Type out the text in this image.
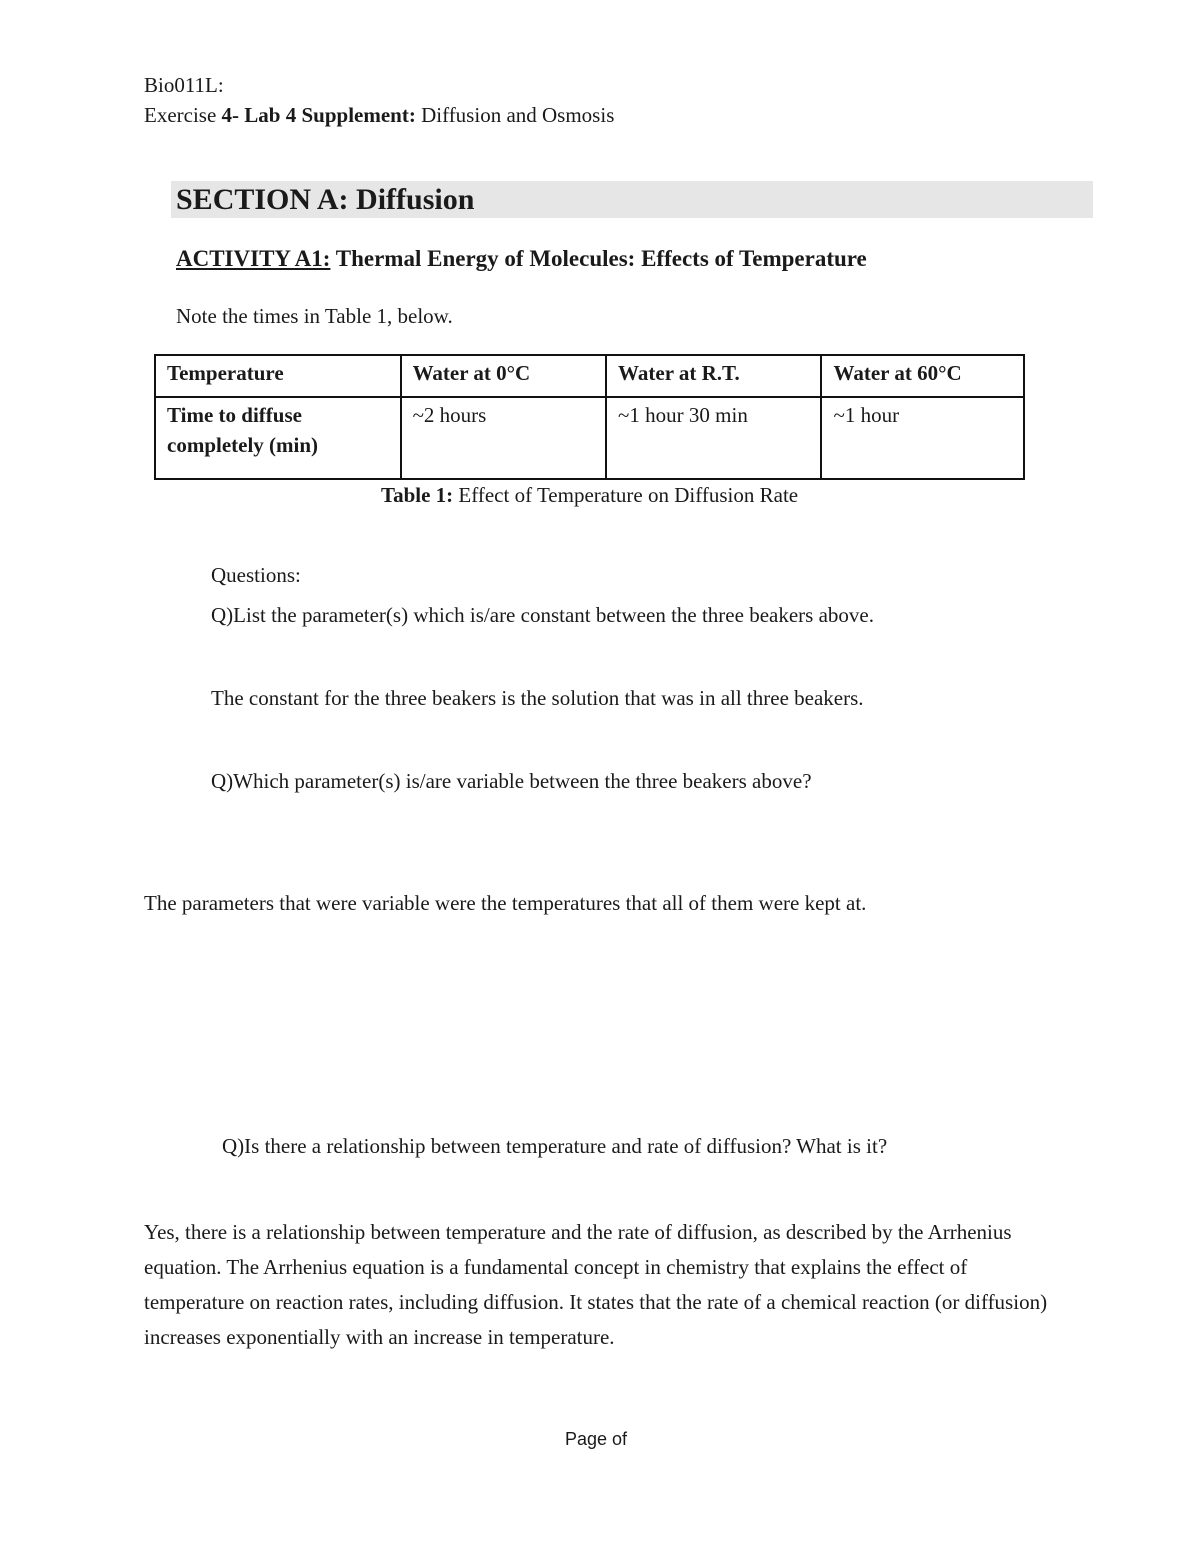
Bio011L:
Exercise 4- Lab 4 Supplement: Diffusion and Osmosis
SECTION A: Diffusion
ACTIVITY A1: Thermal Energy of Molecules: Effects of Temperature
Note the times in Table 1, below.
Temperature	Water at 0°C	Water at R.T.	Water at 60°C
Time to diffuse
completely (min)	~2 hours	~1 hour 30 min	~1 hour
Table 1: Effect of Temperature on Diffusion Rate
Questions:
Q)List the parameter(s) which is/are constant between the three beakers above.
The constant for the three beakers is the solution that was in all three beakers.
Q)Which parameter(s) is/are variable between the three beakers above?
The parameters that were variable were the temperatures that all of them were kept at.
Q)Is there a relationship between temperature and rate of diffusion? What is it?
Yes, there is a relationship between temperature and the rate of diffusion, as described by the Arrhenius equation. The Arrhenius equation is a fundamental concept in chemistry that explains the effect of temperature on reaction rates, including diffusion. It states that the rate of a chemical reaction (or diffusion) increases exponentially with an increase in temperature.
Page of
